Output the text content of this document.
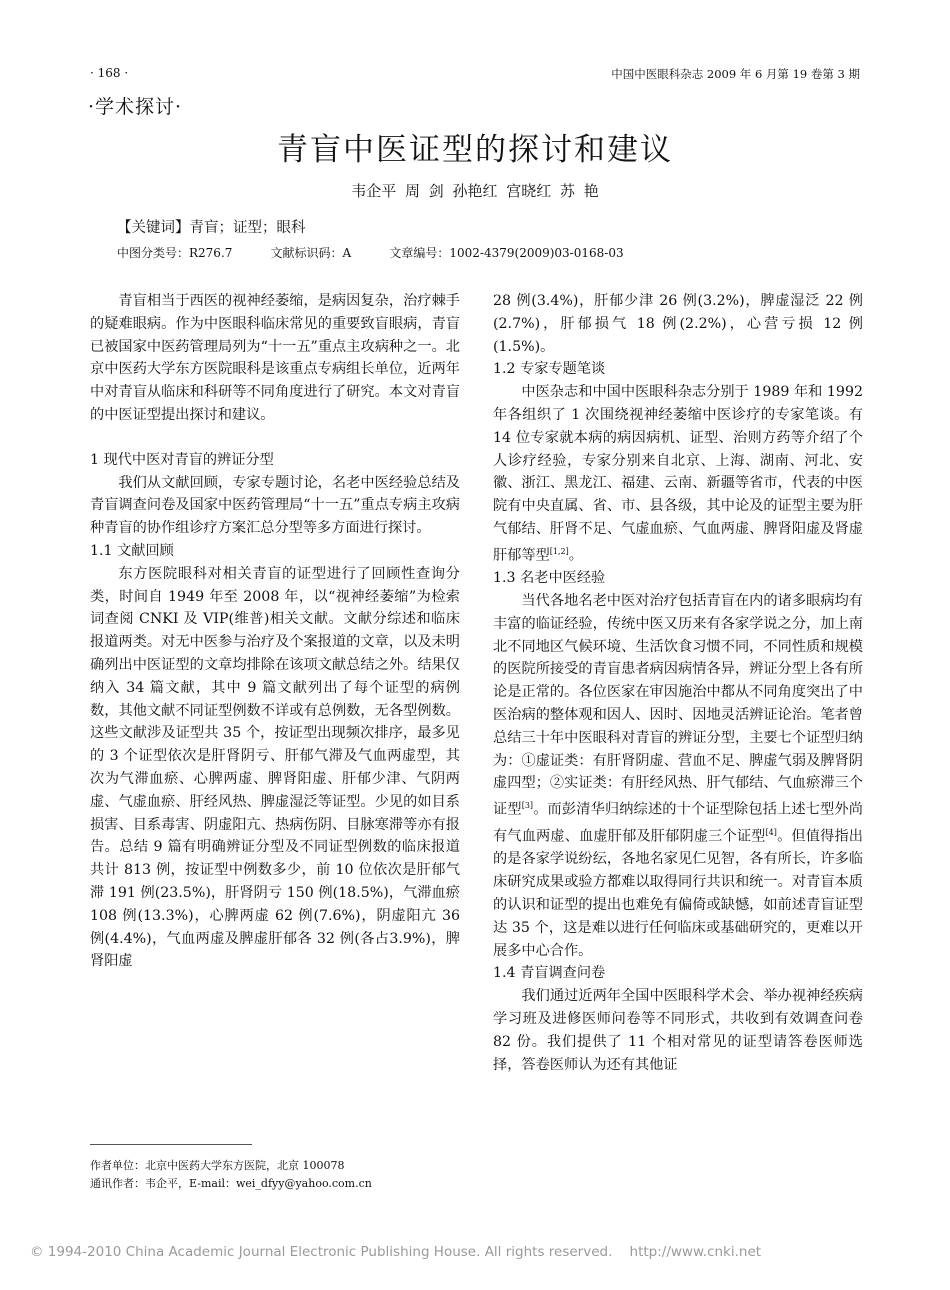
· 168 ·	中国中医眼科杂志 2009 年 6 月第 19 卷第 3 期
·学术探讨·
青盲中医证型的探讨和建议
韦企平 周 剑 孙艳红 宫晓红 苏 艳
【关键词】青盲；证型；眼科
中图分类号：R276.7	文献标识码：A	文章编号：1002-4379(2009)03-0168-03

青盲相当于西医的视神经萎缩，是病因复杂，治疗棘手的疑难眼病。作为中医眼科临床常见的重要致盲眼病，青盲已被国家中医药管理局列为“十一五”重点主攻病种之一。北京中医药大学东方医院眼科是该重点专病组长单位，近两年中对青盲从临床和科研等不同角度进行了研究。本文对青盲的中医证型提出探讨和建议。

1 现代中医对青盲的辨证分型

我们从文献回顾，专家专题讨论，名老中医经验总结及青盲调查问卷及国家中医药管理局“十一五”重点专病主攻病种青盲的协作组诊疗方案汇总分型等多方面进行探讨。

1.1 文献回顾

东方医院眼科对相关青盲的证型进行了回顾性查询分类，时间自 1949 年至 2008 年，以“视神经萎缩”为检索词查阅 CNKI 及 VIP(维普)相关文献。文献分综述和临床报道两类。对无中医参与治疗及个案报道的文章，以及未明确列出中医证型的文章均排除在该项文献总结之外。结果仅纳入 34 篇文献，其中 9 篇文献列出了每个证型的病例数，其他文献不同证型例数不详或有总例数，无各型例数。这些文献涉及证型共 35 个，按证型出现频次排序，最多见的 3 个证型依次是肝肾阴亏、肝郁气滞及气血两虚型，其次为气滞血瘀、心脾两虚、脾肾阳虚、肝郁少津、气阴两虚、气虚血瘀、肝经风热、脾虚湿泛等证型。少见的如目系损害、目系毒害、阴虚阳亢、热病伤阴、目脉寒滞等亦有报告。总结 9 篇有明确辨证分型及不同证型例数的临床报道共计 813 例，按证型中例数多少，前 10 位依次是肝郁气滞 191 例(23.5%)，肝肾阴亏 150 例(18.5%)，气滞血瘀 108 例(13.3%)，心脾两虚 62 例(7.6%)，阴虚阳亢 36 例(4.4%)，气血两虚及脾虚肝郁各 32 例(各占3.9%)，脾肾阳虚

28 例(3.4%)，肝郁少津 26 例(3.2%)，脾虚湿泛 22 例(2.7%)，肝郁损气 18 例(2.2%)，心营亏损 12 例(1.5%)。

1.2 专家专题笔谈

中医杂志和中国中医眼科杂志分别于 1989 年和 1992 年各组织了 1 次围绕视神经萎缩中医诊疗的专家笔谈。有 14 位专家就本病的病因病机、证型、治则方药等介绍了个人诊疗经验，专家分别来自北京、上海、湖南、河北、安徽、浙江、黑龙江、福建、云南、新疆等省市，代表的中医院有中央直属、省、市、县各级，其中论及的证型主要为肝气郁结、肝肾不足、气虚血瘀、气血两虚、脾肾阳虚及肾虚肝郁等型[1,2]。

1.3 名老中医经验

当代各地名老中医对治疗包括青盲在内的诸多眼病均有丰富的临证经验，传统中医又历来有各家学说之分，加上南北不同地区气候环境、生活饮食习惯不同，不同性质和规模的医院所接受的青盲患者病因病情各异，辨证分型上各有所论是正常的。各位医家在审因施治中都从不同角度突出了中医治病的整体观和因人、因时、因地灵活辨证论治。笔者曾总结三十年中医眼科对青盲的辨证分型，主要七个证型归纳为：①虚证类：有肝肾阴虚、营血不足、脾虚气弱及脾肾阴虚四型；②实证类：有肝经风热、肝气郁结、气血瘀滞三个证型[3]。而彭清华归纳综述的十个证型除包括上述七型外尚有气血两虚、血虚肝郁及肝郁阴虚三个证型[4]。但值得指出的是各家学说纷纭，各地名家见仁见智，各有所长，许多临床研究成果或验方都难以取得同行共识和统一。对青盲本质的认识和证型的提出也难免有偏倚或缺憾，如前述青盲证型达 35 个，这是难以进行任何临床或基础研究的，更难以开展多中心合作。

1.4 青盲调查问卷

我们通过近两年全国中医眼科学术会、举办视神经疾病学习班及进修医师问卷等不同形式，共收到有效调查问卷 82 份。我们提供了 11 个相对常见的证型请答卷医师选择，答卷医师认为还有其他证

作者单位：北京中医药大学东方医院，北京 100078
通讯作者：韦企平，E-mail：wei_dfyy@yahoo.com.cn
© 1994-2010 China Academic Journal Electronic Publishing House. All rights reserved.    http://www.cnki.net
